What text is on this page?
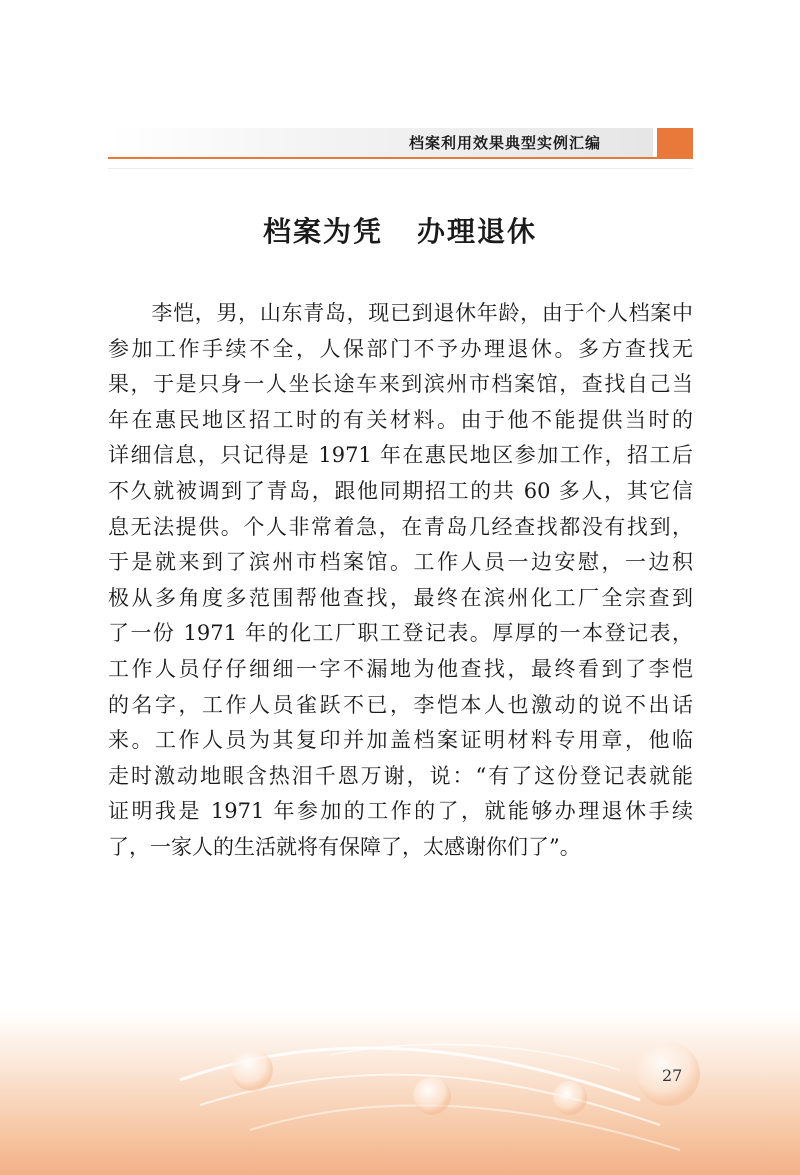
档案利用效果典型实例汇编
档案为凭 办理退休
　　李恺，男，山东青岛，现已到退休年龄，由于个人档案中
参加工作手续不全，人保部门不予办理退休。多方查找无
果，于是只身一人坐长途车来到滨州市档案馆，查找自己当
年在惠民地区招工时的有关材料。由于他不能提供当时的
详细信息，只记得是 1971 年在惠民地区参加工作，招工后
不久就被调到了青岛，跟他同期招工的共 60 多人，其它信
息无法提供。个人非常着急，在青岛几经查找都没有找到，
于是就来到了滨州市档案馆。工作人员一边安慰，一边积
极从多角度多范围帮他查找，最终在滨州化工厂全宗查到
了一份 1971 年的化工厂职工登记表。厚厚的一本登记表，
工作人员仔仔细细一字不漏地为他查找，最终看到了李恺
的名字，工作人员雀跃不已，李恺本人也激动的说不出话
来。工作人员为其复印并加盖档案证明材料专用章，他临
走时激动地眼含热泪千恩万谢，说：“有了这份登记表就能
证明我是 1971 年参加的工作的了，就能够办理退休手续
了，一家人的生活就将有保障了，太感谢你们了”。
27
